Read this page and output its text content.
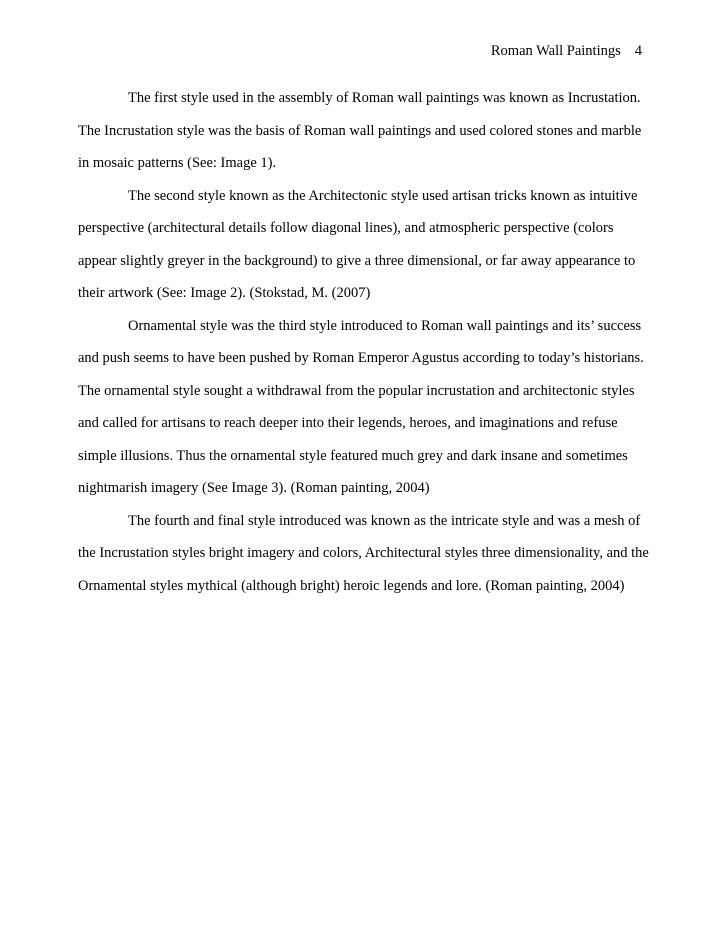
Roman Wall Paintings 4

The first style used in the assembly of Roman wall paintings was known as Incrustation. The Incrustation style was the basis of Roman wall paintings and used colored stones and marble in mosaic patterns (See: Image 1).

The second style known as the Architectonic style used artisan tricks known as intuitive perspective (architectural details follow diagonal lines), and atmospheric perspective (colors appear slightly greyer in the background) to give a three dimensional, or far away appearance to their artwork (See: Image 2). (Stokstad, M. (2007)

Ornamental style was the third style introduced to Roman wall paintings and its’ success and push seems to have been pushed by Roman Emperor Agustus according to today’s historians. The ornamental style sought a withdrawal from the popular incrustation and architectonic styles and called for artisans to reach deeper into their legends, heroes, and imaginations and refuse simple illusions. Thus the ornamental style featured much grey and dark insane and sometimes nightmarish imagery (See Image 3). (Roman painting, 2004)

The fourth and final style introduced was known as the intricate style and was a mesh of the Incrustation styles bright imagery and colors, Architectural styles three dimensionality, and the Ornamental styles mythical (although bright) heroic legends and lore. (Roman painting, 2004)
